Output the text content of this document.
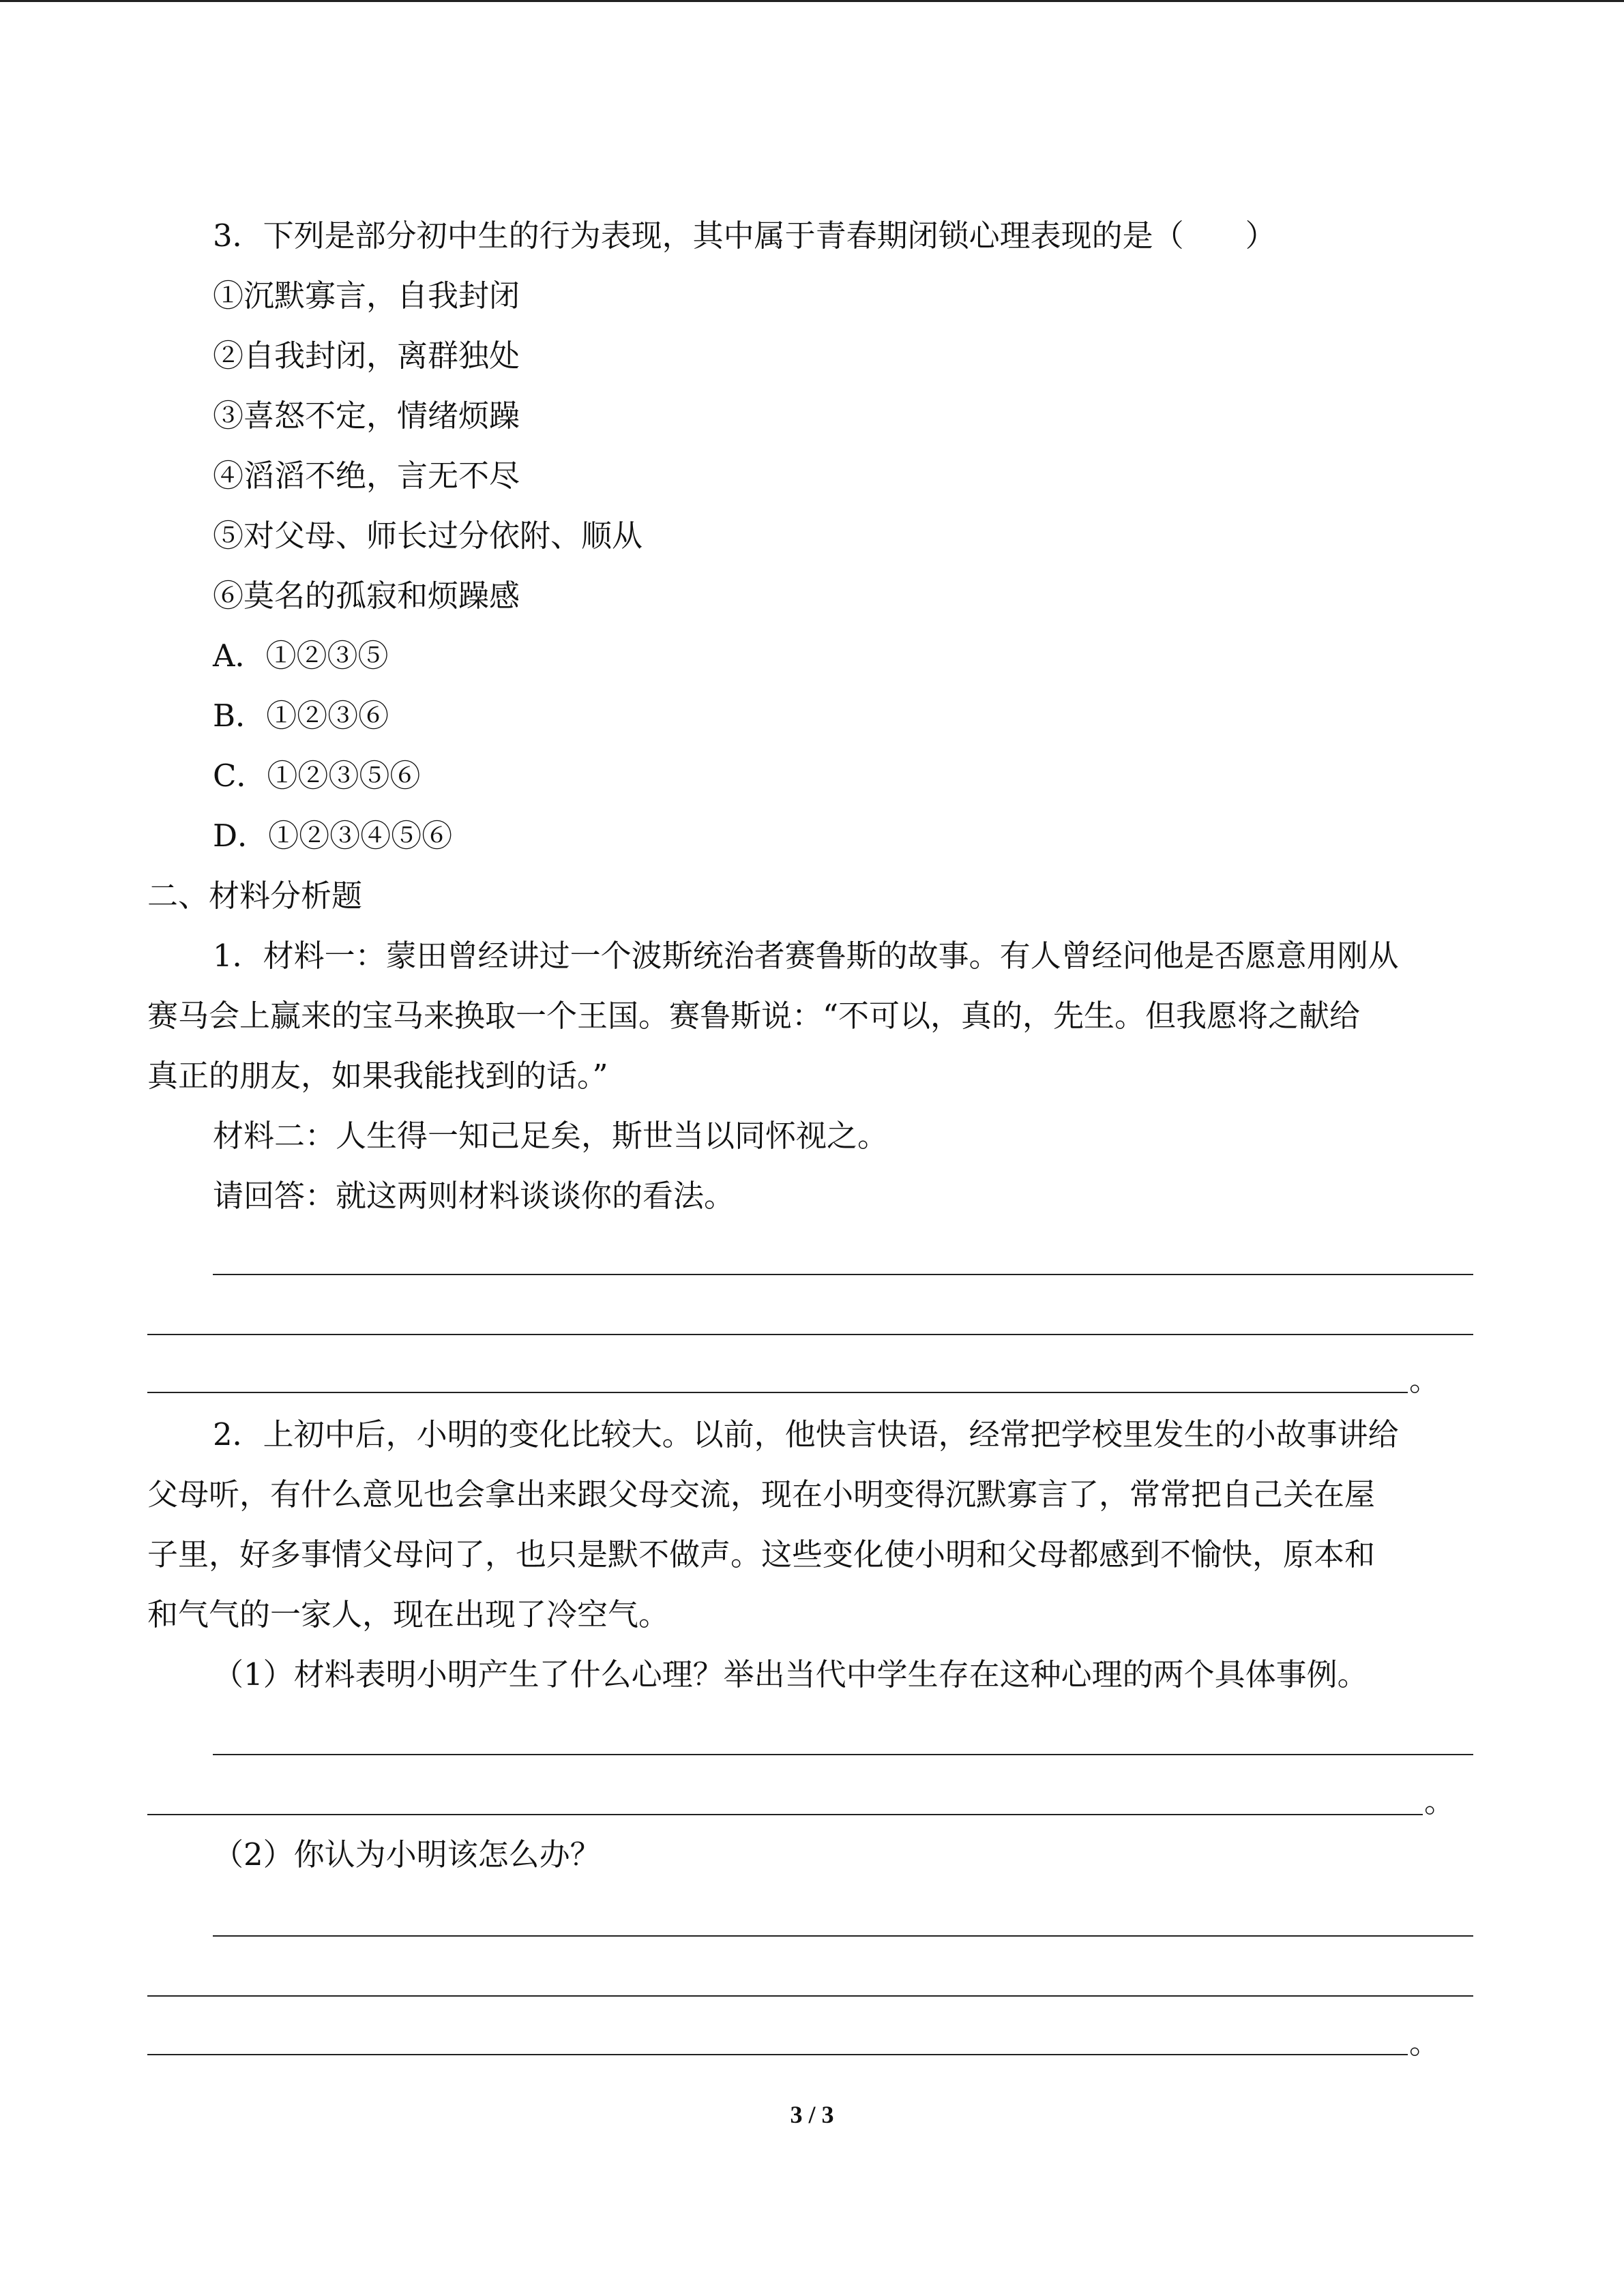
3．下列是部分初中生的行为表现，其中属于青春期闭锁心理表现的是（　　）
①沉默寡言，自我封闭
②自我封闭，离群独处
③喜怒不定，情绪烦躁
④滔滔不绝，言无不尽
⑤对父母、师长过分依附、顺从
⑥莫名的孤寂和烦躁感
A．①②③⑤
B．①②③⑥
C．①②③⑤⑥
D．①②③④⑤⑥
二、材料分析题
1．材料一：蒙田曾经讲过一个波斯统治者赛鲁斯的故事。有人曾经问他是否愿意用刚从
赛马会上赢来的宝马来换取一个王国。赛鲁斯说：“不可以，真的，先生。但我愿将之献给
真正的朋友，如果我能找到的话。”
材料二：人生得一知己足矣，斯世当以同怀视之。
请回答：就这两则材料谈谈你的看法。
。
2．上初中后，小明的变化比较大。以前，他快言快语，经常把学校里发生的小故事讲给
父母听，有什么意见也会拿出来跟父母交流，现在小明变得沉默寡言了，常常把自己关在屋
子里，好多事情父母问了，也只是默不做声。这些变化使小明和父母都感到不愉快，原本和
和气气的一家人，现在出现了冷空气。
（1）材料表明小明产生了什么心理？举出当代中学生存在这种心理的两个具体事例。
。
（2）你认为小明该怎么办？
。
3 / 3
